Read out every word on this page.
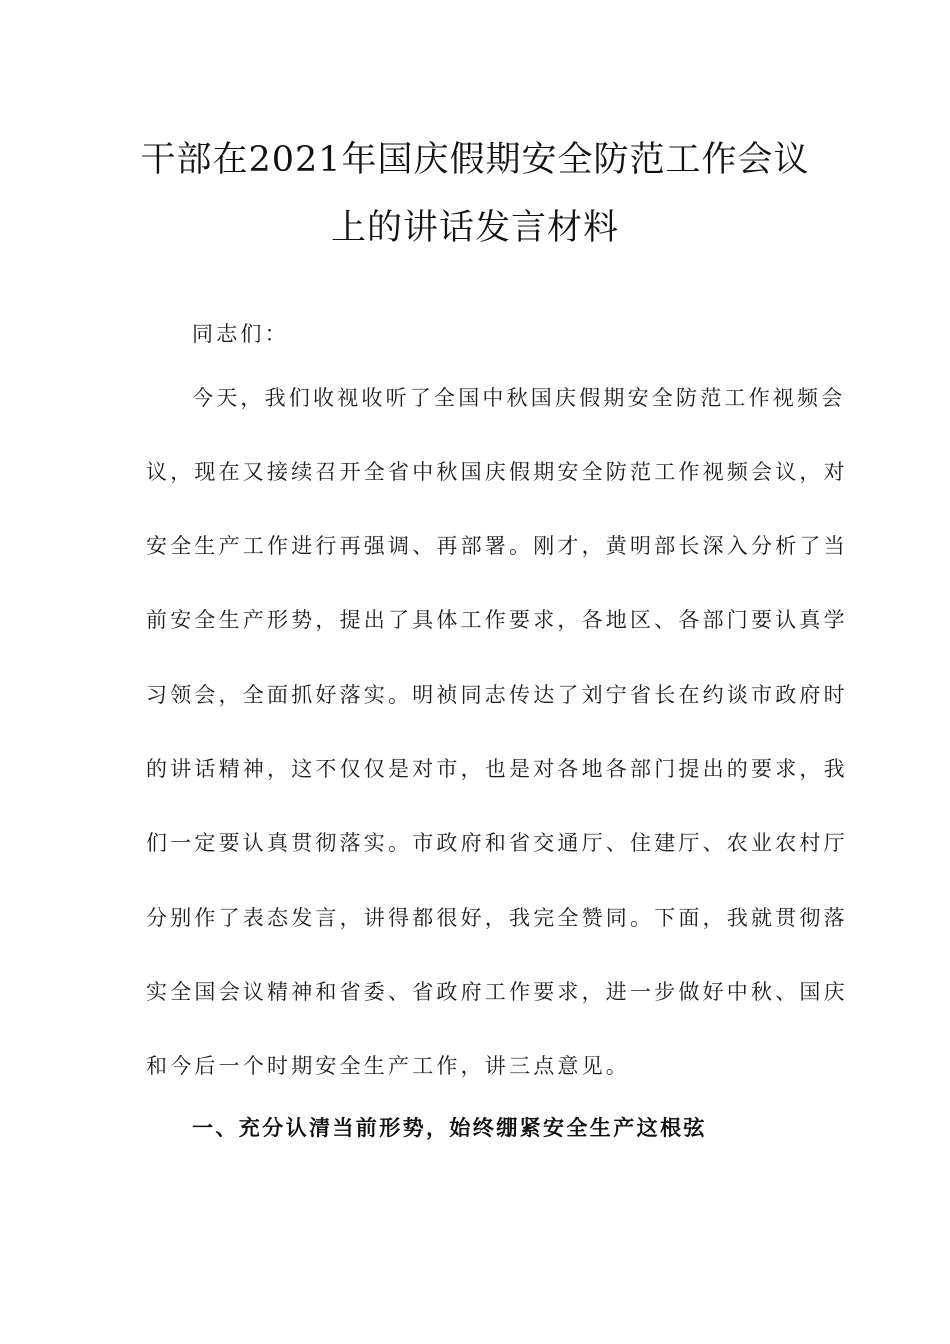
干部在2021年国庆假期安全防范工作会议
上的讲话发言材料
同志们：
今天，我们收视收听了全国中秋国庆假期安全防范工作视频会
议，现在又接续召开全省中秋国庆假期安全防范工作视频会议，对
安全生产工作进行再强调、再部署。刚才，黄明部长深入分析了当
前安全生产形势，提出了具体工作要求，各地区、各部门要认真学
习领会，全面抓好落实。明祯同志传达了刘宁省长在约谈市政府时
的讲话精神，这不仅仅是对市，也是对各地各部门提出的要求，我
们一定要认真贯彻落实。市政府和省交通厅、住建厅、农业农村厅
分别作了表态发言，讲得都很好，我完全赞同。下面，我就贯彻落
实全国会议精神和省委、省政府工作要求，进一步做好中秋、国庆
和今后一个时期安全生产工作，讲三点意见。
一、充分认清当前形势，始终绷紧安全生产这根弦
